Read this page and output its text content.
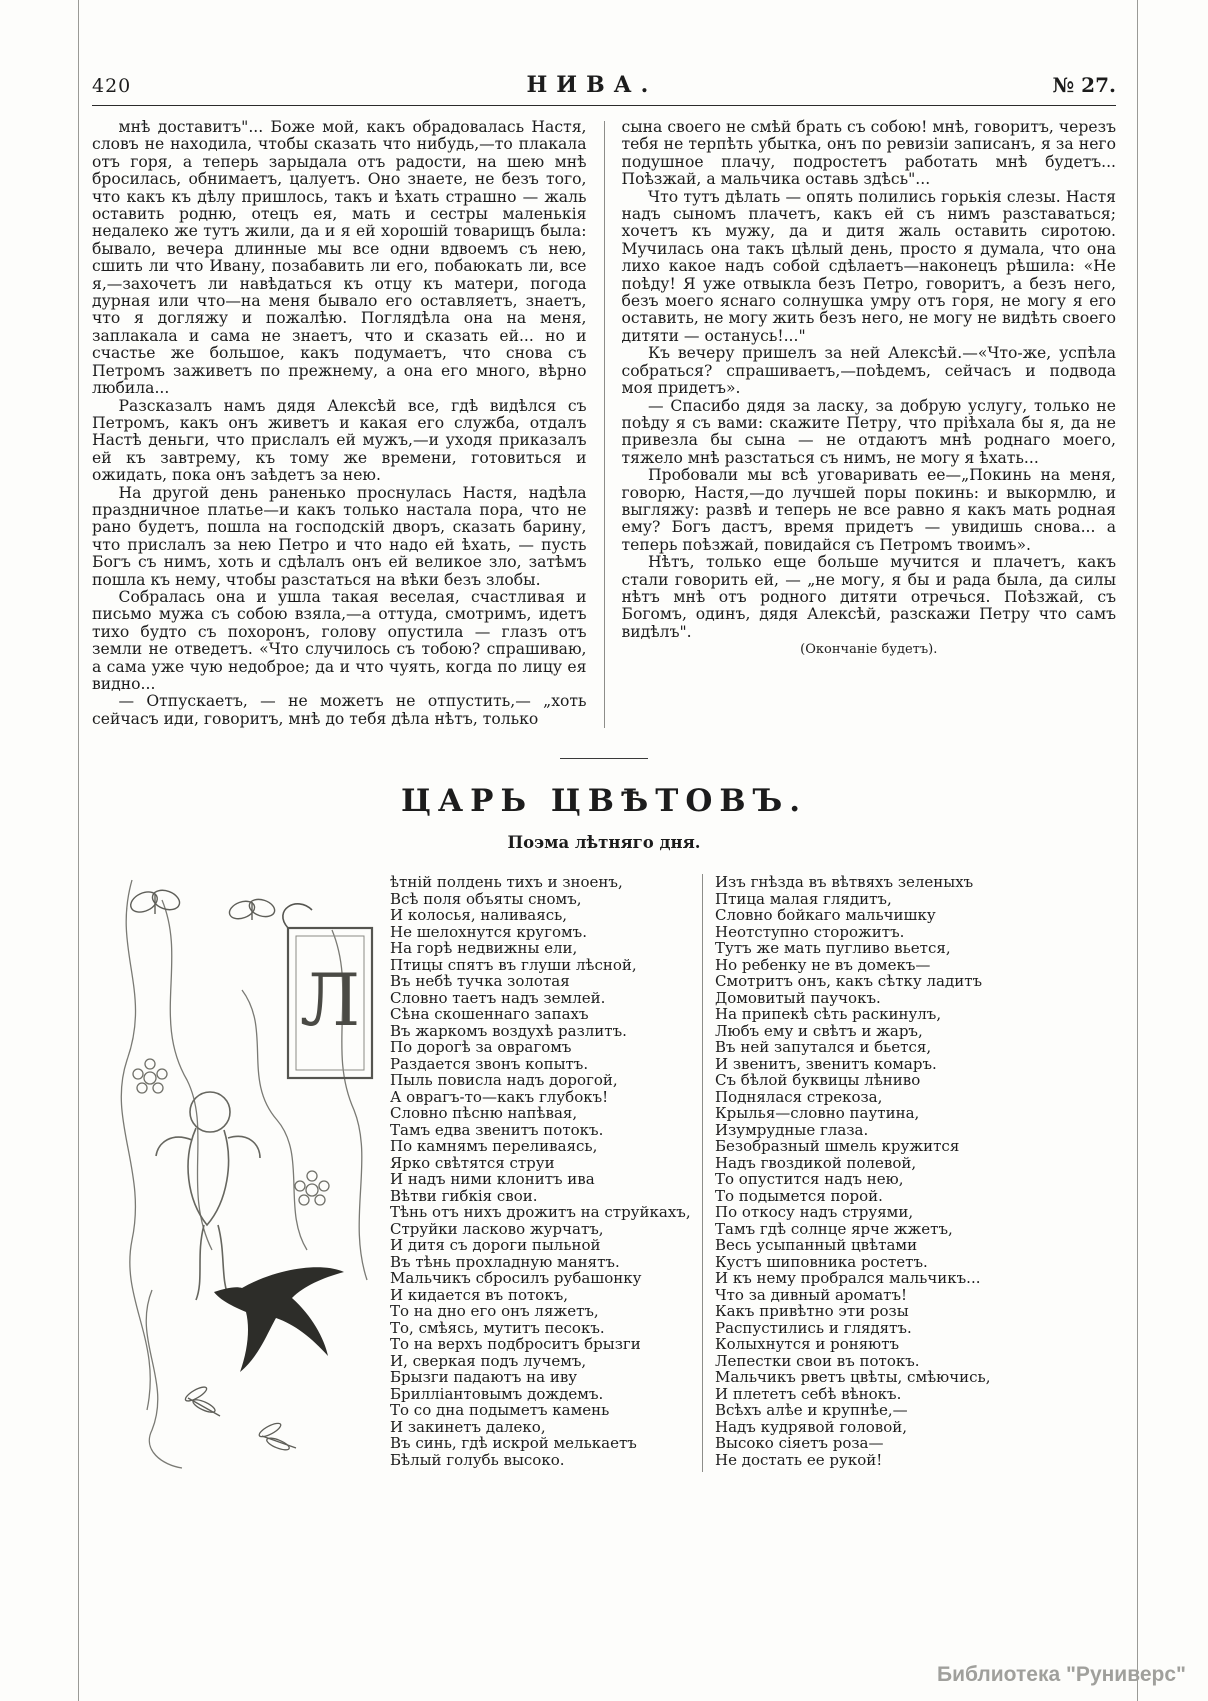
420	НИВА.	№ 27.

мнѣ доставитъ"... Боже мой, какъ обрадовалась Настя, словъ не находила, чтобы сказать что нибудь,—то плакала отъ горя, а теперь зарыдала отъ радости, на шею мнѣ бросилась, обнимаетъ, цалуетъ. Оно знаете, не безъ того, что какъ къ дѣлу пришлось, такъ и ѣхать страшно — жаль оставить родню, отецъ ея, мать и сестры маленькія недалеко же тутъ жили, да и я ей хорошій товарищъ была: бывало, вечера длинные мы все одни вдвоемъ съ нею, сшить ли что Ивану, позабавить ли его, побаюкать ли, все я,—захочетъ ли навѣдаться къ отцу къ матери, погода дурная или что—на меня бывало его оставляетъ, знаетъ, что я догляжу и пожалѣю. Поглядѣла она на меня, заплакала и сама не знаетъ, что и сказать ей... но и счастье же большое, какъ подумаетъ, что снова съ Петромъ заживетъ по прежнему, а она его много, вѣрно любила...

Разсказалъ намъ дядя Алексѣй все, гдѣ видѣлся съ Петромъ, какъ онъ живетъ и какая его служба, отдалъ Настѣ деньги, что прислалъ ей мужъ,—и уходя приказалъ ей къ завтрему, къ тому же времени, готовиться и ожидать, пока онъ заѣдетъ за нею.

На другой день раненько проснулась Настя, надѣла праздничное платье—и какъ только настала пора, что не рано будетъ, пошла на господскій дворъ, сказать барину, что прислалъ за нею Петро и что надо ей ѣхать, — пусть Богъ съ нимъ, хоть и сдѣлалъ онъ ей великое зло, затѣмъ пошла къ нему, чтобы разстаться на вѣки безъ злобы.

Собралась она и ушла такая веселая, счастливая и письмо мужа съ собою взяла,—а оттуда, смотримъ, идетъ тихо будто съ похоронъ, голову опустила — глазъ отъ земли не отведетъ. «Что случилось съ тобою? спрашиваю, а сама уже чую недоброе; да и что чуять, когда по лицу ея видно...

— Отпускаетъ, — не можетъ не отпустить,— „хоть сейчасъ иди, говоритъ, мнѣ до тебя дѣла нѣтъ, только

сына своего не смѣй брать съ собою! мнѣ, говоритъ, черезъ тебя не терпѣть убытка, онъ по ревизіи записанъ, я за него подушное плачу, подростетъ работать мнѣ будетъ... Поѣзжай, а мальчика оставь здѣсь"...

Что тутъ дѣлать — опять полились горькія слезы. Настя надъ сыномъ плачетъ, какъ ей съ нимъ разставаться; хочетъ къ мужу, да и дитя жаль оставить сиротою. Мучилась она такъ цѣлый день, просто я думала, что она лихо какое надъ собой сдѣлаетъ—наконецъ рѣшила: «Не поѣду! Я уже отвыкла безъ Петро, говоритъ, а безъ него, безъ моего яснаго солнушка умру отъ горя, не могу я его оставить, не могу жить безъ него, не могу не видѣть своего дитяти — останусь!..."

Къ вечеру пришелъ за ней Алексѣй.—«Что-же, успѣла собраться? спрашиваетъ,—поѣдемъ, сейчасъ и подвода моя придетъ».

— Спасибо дядя за ласку, за добрую услугу, только не поѣду я съ вами: скажите Петру, что пріѣхала бы я, да не привезла бы сына — не отдаютъ мнѣ роднаго моего, тяжело мнѣ разстаться съ нимъ, не могу я ѣхать...

Пробовали мы всѣ уговаривать ее—„Покинь на меня, говорю, Настя,—до лучшей поры покинь: и выкормлю, и выгляжу: развѣ и теперь не все равно я какъ мать родная ему? Богъ дастъ, время придетъ — увидишь снова... а теперь поѣзжай, повидайся съ Петромъ твоимъ».

Нѣтъ, только еще больше мучится и плачетъ, какъ стали говорить ей, — „не могу, я бы и рада была, да силы нѣтъ мнѣ отъ родного дитяти отречься. Поѣзжай, съ Богомъ, одинъ, дядя Алексѣй, разскажи Петру что самъ видѣлъ".

(Окончаніе будетъ).

ЦАРЬ ЦВѢТОВЪ.
Поэма лѣтняго дня.
Л
ѣтній полдень тихъ и зноенъ,
Всѣ поля объяты сномъ,
И колосья, наливаясь,
Не шелохнутся кругомъ.
На горѣ недвижны ели,
Птицы спятъ въ глуши лѣсной,
Въ небѣ тучка золотая
Словно таетъ надъ землей.
Сѣна скошеннаго запахъ
Въ жаркомъ воздухѣ разлитъ.
По дорогѣ за оврагомъ
Раздается звонъ копытъ.
Пыль повисла надъ дорогой,
А оврагъ-то—какъ глубокъ!
Словно пѣсню напѣвая,
Тамъ едва звенитъ потокъ.
По камнямъ переливаясь,
Ярко свѣтятся струи
И надъ ними клонитъ ива
Вѣтви гибкія свои.
Тѣнь отъ нихъ дрожитъ на струйкахъ,
Струйки ласково журчатъ,
И дитя съ дороги пыльной
Въ тѣнь прохладную манятъ.
Мальчикъ сбросилъ рубашонку
И кидается въ потокъ,
То на дно его онъ ляжетъ,
То, смѣясь, мутитъ песокъ.
То на верхъ подброситъ брызги
И, сверкая подъ лучемъ,
Брызги падаютъ на иву
Брилліантовымъ дождемъ.
То со дна подыметъ камень
И закинетъ далеко,
Въ синь, гдѣ искрой мелькаетъ
Бѣлый голубь высоко.
Изъ гнѣзда въ вѣтвяхъ зеленыхъ
Птица малая глядитъ,
Словно бойкаго мальчишку
Неотступно сторожитъ.
Тутъ же мать пугливо вьется,
Но ребенку не въ домекъ—
Смотритъ онъ, какъ сѣтку ладитъ
Домовитый паучокъ.
На припекѣ сѣть раскинулъ,
Любъ ему и свѣтъ и жаръ,
Въ ней запутался и бьется,
И звенитъ, звенитъ комаръ.
Съ бѣлой буквицы лѣниво
Поднялася стрекоза,
Крылья—словно паутина,
Изумрудные глаза.
Безобразный шмель кружится
Надъ гвоздикой полевой,
То опустится надъ нею,
То подымется порой.
По откосу надъ струями,
Тамъ гдѣ солнце ярче жжетъ,
Весь усыпанный цвѣтами
Кустъ шиповника ростетъ.
И къ нему пробрался мальчикъ...
Что за дивный ароматъ!
Какъ привѣтно эти розы
Распустились и глядятъ.
Колыхнутся и роняютъ
Лепестки свои въ потокъ.
Мальчикъ рветъ цвѣты, смѣючись,
И плететъ себѣ вѣнокъ.
Всѣхъ алѣе и крупнѣе,—
Надъ кудрявой головой,
Высоко сіяетъ роза—
Не достать ее рукой!
Библиотека "Руниверс"
